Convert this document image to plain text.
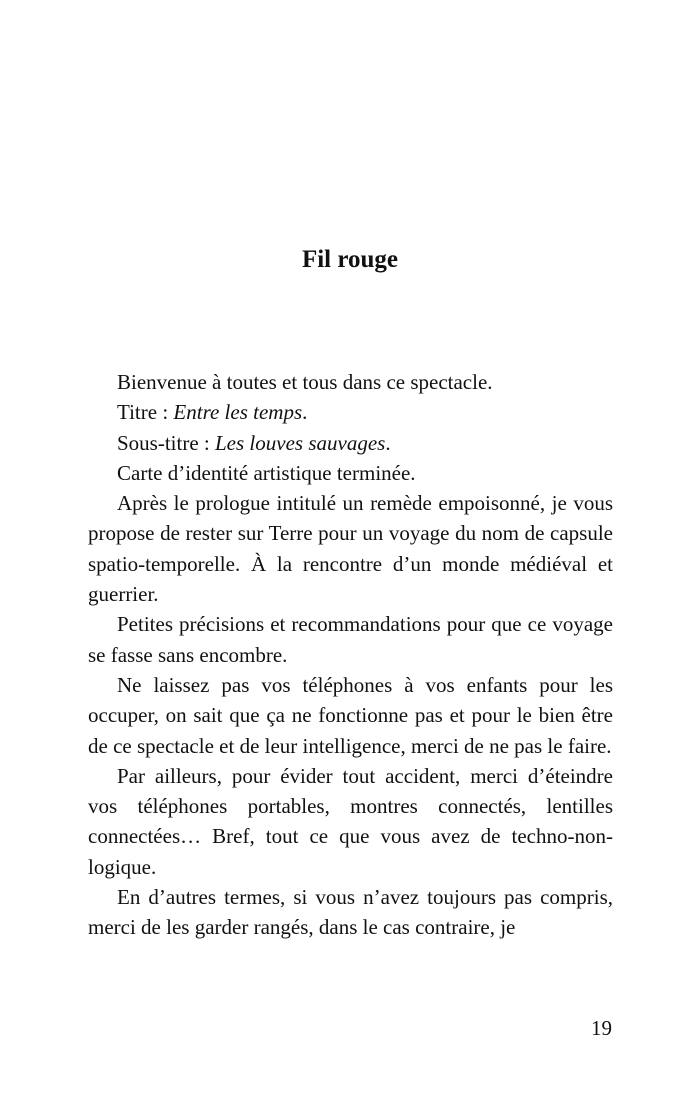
Fil rouge

Bienvenue à toutes et tous dans ce spectacle.

Titre : Entre les temps.

Sous-titre : Les louves sauvages.

Carte d’identité artistique terminée.

Après le prologue intitulé un remède empoisonné, je vous propose de rester sur Terre pour un voyage du nom de capsule spatio-temporelle. À la rencontre d’un monde médiéval et guerrier.

Petites précisions et recommandations pour que ce voyage se fasse sans encombre.

Ne laissez pas vos téléphones à vos enfants pour les occuper, on sait que ça ne fonctionne pas et pour le bien être de ce spectacle et de leur intelligence, merci de ne pas le faire.

Par ailleurs, pour évider tout accident, merci d’éteindre vos téléphones portables, montres connectés, lentilles connectées… Bref, tout ce que vous avez de techno-non-logique.

En d’autres termes, si vous n’avez toujours pas compris, merci de les garder rangés, dans le cas contraire, je

19
